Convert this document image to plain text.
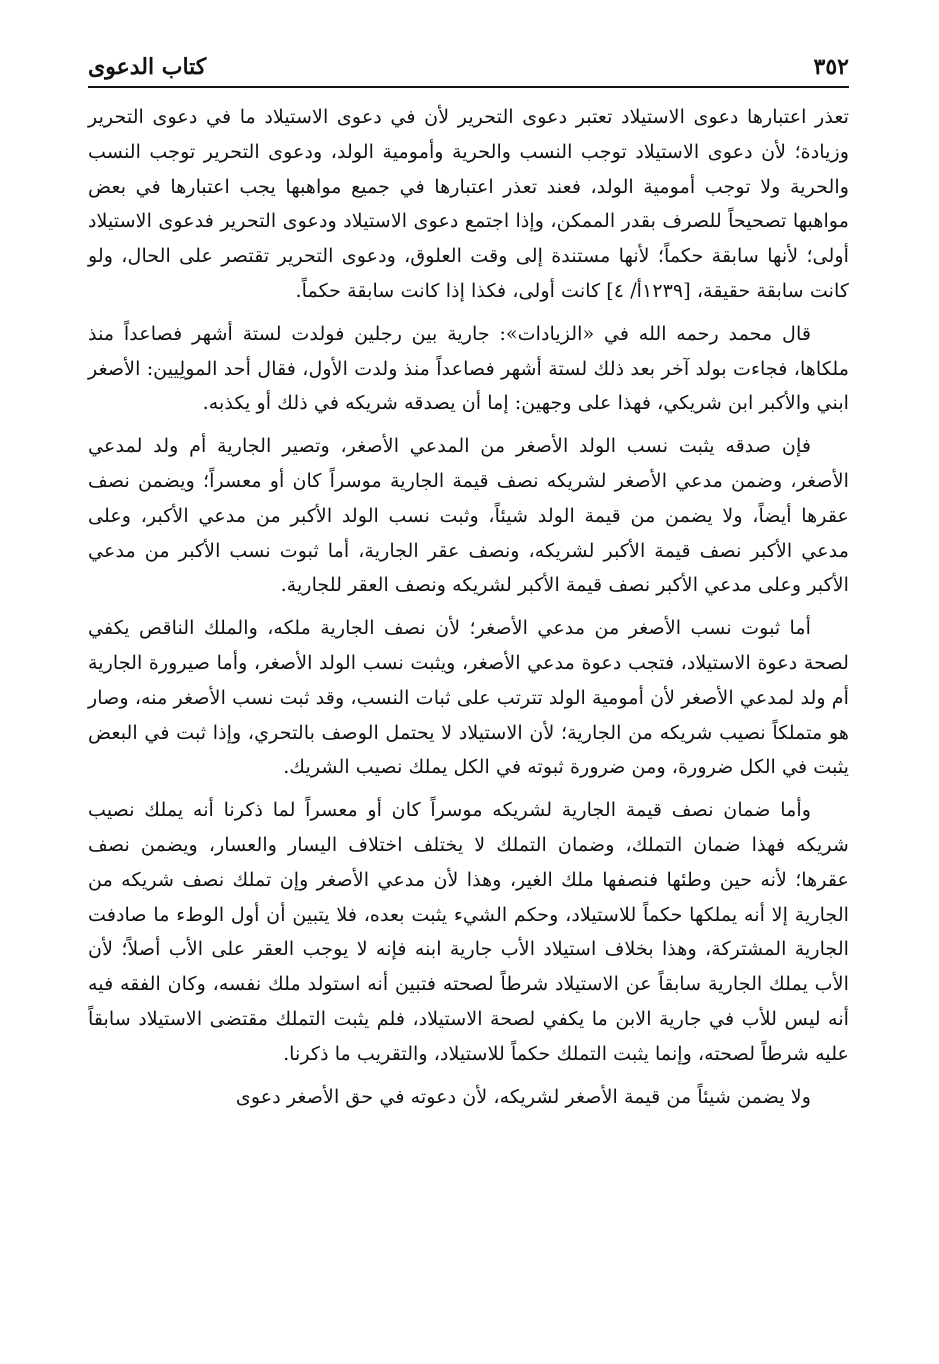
٣٥٢
كتاب الدعوى

تعذر اعتبارها دعوى الاستيلاد تعتبر دعوى التحرير لأن في دعوى الاستيلاد ما في دعوى التحرير وزيادة؛ لأن دعوى الاستيلاد توجب النسب والحرية وأمومية الولد، ودعوى التحرير توجب النسب والحرية ولا توجب أمومية الولد، فعند تعذر اعتبارها في جميع مواهبها يجب اعتبارها في بعض مواهبها تصحيحاً للصرف بقدر الممكن، وإذا اجتمع دعوى الاستيلاد ودعوى التحرير فدعوى الاستيلاد أولى؛ لأنها سابقة حكماً؛ لأنها مستندة إلى وقت العلوق، ودعوى التحرير تقتصر على الحال، ولو كانت سابقة حقيقة، [١٢٣٩أ/ ٤] كانت أولى، فكذا إذا كانت سابقة حكماً.

قال محمد رحمه الله في «الزيادات»: جارية بين رجلين فولدت لستة أشهر فصاعداً منذ ملكاها، فجاءت بولد آخر بعد ذلك لستة أشهر فصاعداً منذ ولدت الأول، فقال أحد المولِيين: الأصغر ابني والأكبر ابن شريكي، فهذا على وجهين: إما أن يصدقه شريكه في ذلك أو يكذبه.

فإن صدقه يثبت نسب الولد الأصغر من المدعي الأصغر، وتصير الجارية أم ولد لمدعي الأصغر، وضمن مدعي الأصغر لشريكه نصف قيمة الجارية موسراً كان أو معسراً؛ ويضمن نصف عقرها أيضاً، ولا يضمن من قيمة الولد شيئاً، وثبت نسب الولد الأكبر من مدعي الأكبر، وعلى مدعي الأكبر نصف قيمة الأكبر لشريكه، ونصف عقر الجارية، أما ثبوت نسب الأكبر من مدعي الأكبر وعلى مدعي الأكبر نصف قيمة الأكبر لشريكه ونصف العقر للجارية.

أما ثبوت نسب الأصغر من مدعي الأصغر؛ لأن نصف الجارية ملكه، والملك الناقص يكفي لصحة دعوة الاستيلاد، فتجب دعوة مدعي الأصغر، ويثبت نسب الولد الأصغر، وأما صيرورة الجارية أم ولد لمدعي الأصغر لأن أمومية الولد تترتب على ثبات النسب، وقد ثبت نسب الأصغر منه، وصار هو متملكاً نصيب شريكه من الجارية؛ لأن الاستيلاد لا يحتمل الوصف بالتحري، وإذا ثبت في البعض يثبت في الكل ضرورة، ومن ضرورة ثبوته في الكل يملك نصيب الشريك.

وأما ضمان نصف قيمة الجارية لشريكه موسراً كان أو معسراً لما ذكرنا أنه يملك نصيب شريكه فهذا ضمان التملك، وضمان التملك لا يختلف اختلاف اليسار والعسار، ويضمن نصف عقرها؛ لأنه حين وطئها فنصفها ملك الغير، وهذا لأن مدعي الأصغر وإن تملك نصف شريكه من الجارية إلا أنه يملكها حكماً للاستيلاد، وحكم الشيء يثبت بعده، فلا يتبين أن أول الوطء ما صادفت الجارية المشتركة، وهذا بخلاف استيلاد الأب جارية ابنه فإنه لا يوجب العقر على الأب أصلاً؛ لأن الأب يملك الجارية سابقاً عن الاستيلاد شرطاً لصحته فتبين أنه استولد ملك نفسه، وكان الفقه فيه أنه ليس للأب في جارية الابن ما يكفي لصحة الاستيلاد، فلم يثبت التملك مقتضى الاستيلاد سابقاً عليه شرطاً لصحته، وإنما يثبت التملك حكماً للاستيلاد، والتقريب ما ذكرنا.

ولا يضمن شيئاً من قيمة الأصغر لشريكه، لأن دعوته في حق الأصغر دعوى
